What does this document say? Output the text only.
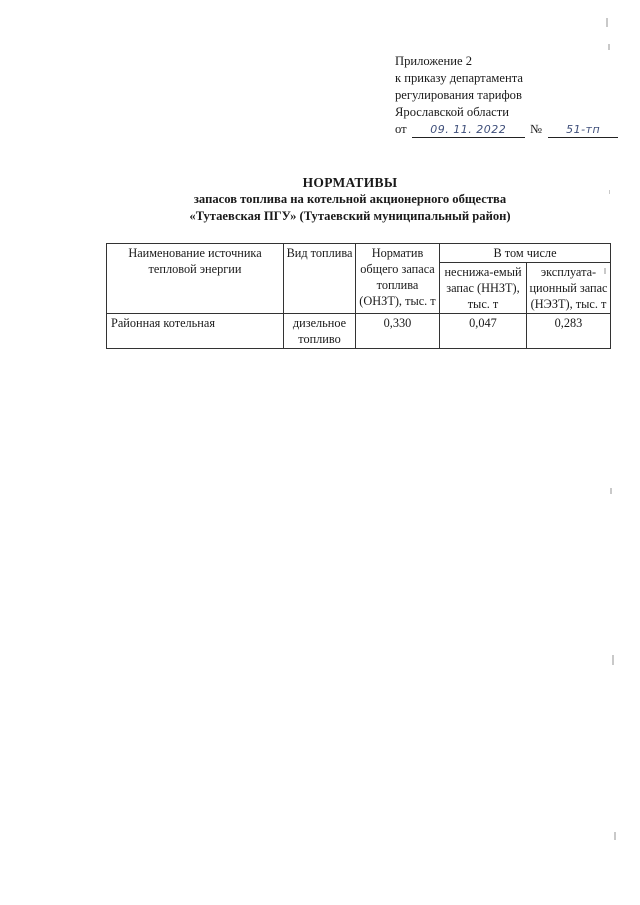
Приложение 2
к приказу департамента
регулирования тарифов
Ярославской области
от 09. 11. 2022 № 51-тп
НОРМАТИВЫ
запасов топлива на котельной акционерного общества
«Тутаевская ПГУ» (Тутаевский муниципальный район)
Наименование источника тепловой энергии	Вид топлива	Норматив общего запаса топлива (ОНЗТ), тыс. т	В том числе	
			неснижа-емый запас (ННЗТ), тыс. т	эксплуата-ционный запас (НЭЗТ), тыс. т
Районная котельная	дизельное топливо	0,330	0,047	0,283
